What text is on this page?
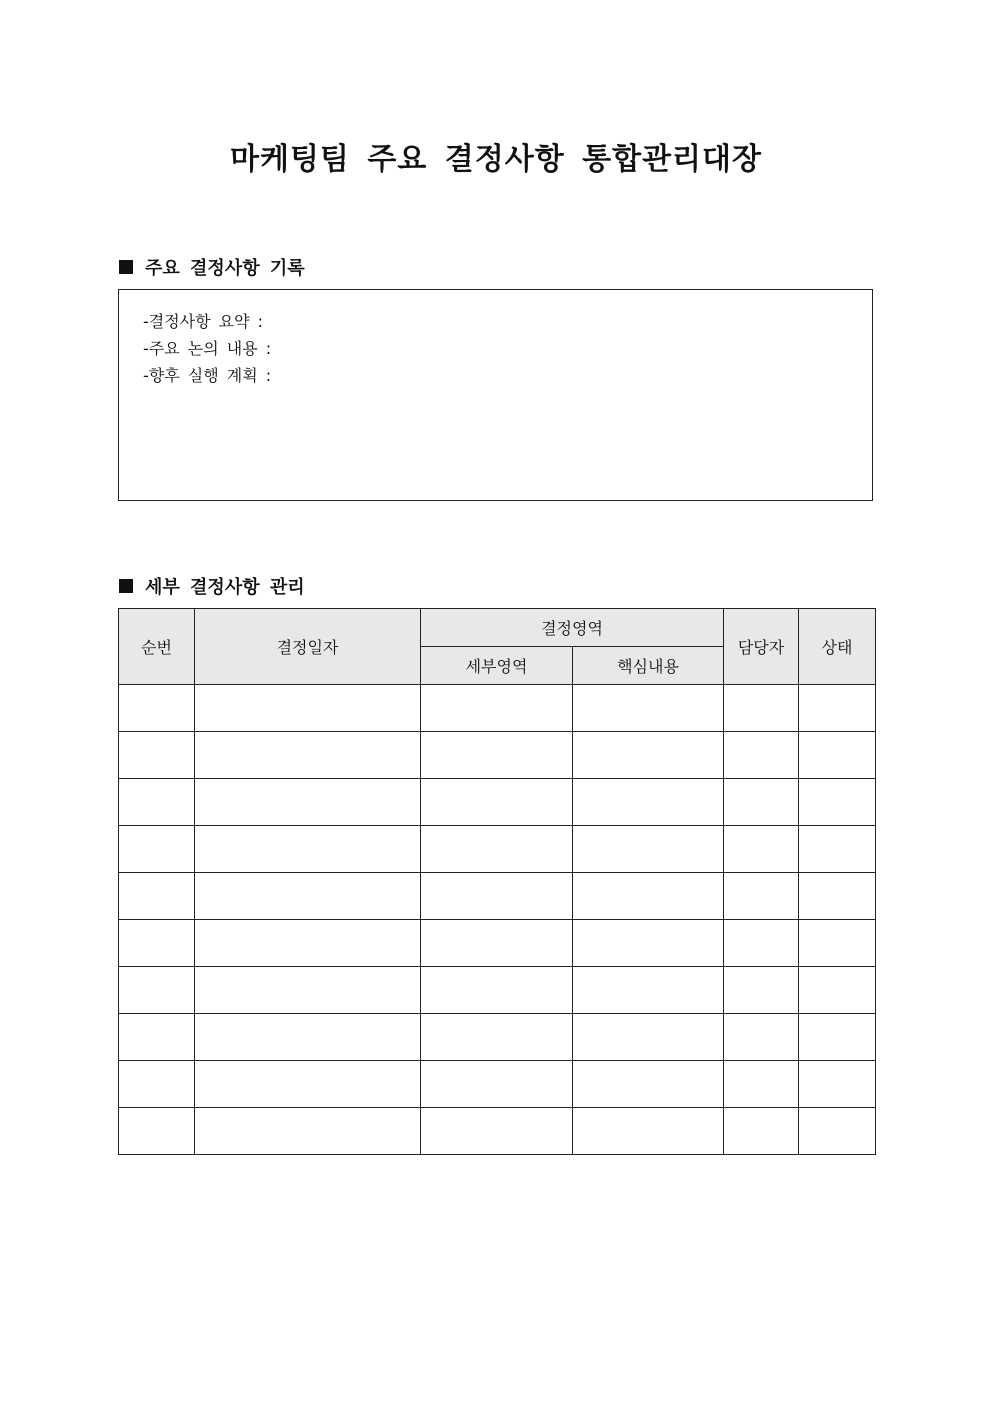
마케팅팀 주요 결정사항 통합관리대장
주요 결정사항 기록
-결정사항 요약 :
-주요 논의 내용 :
-향후 실행 계획 :
세부 결정사항 관리
순번	결정일자	결정영역		담당자	상태
		세부영역	핵심내용		
